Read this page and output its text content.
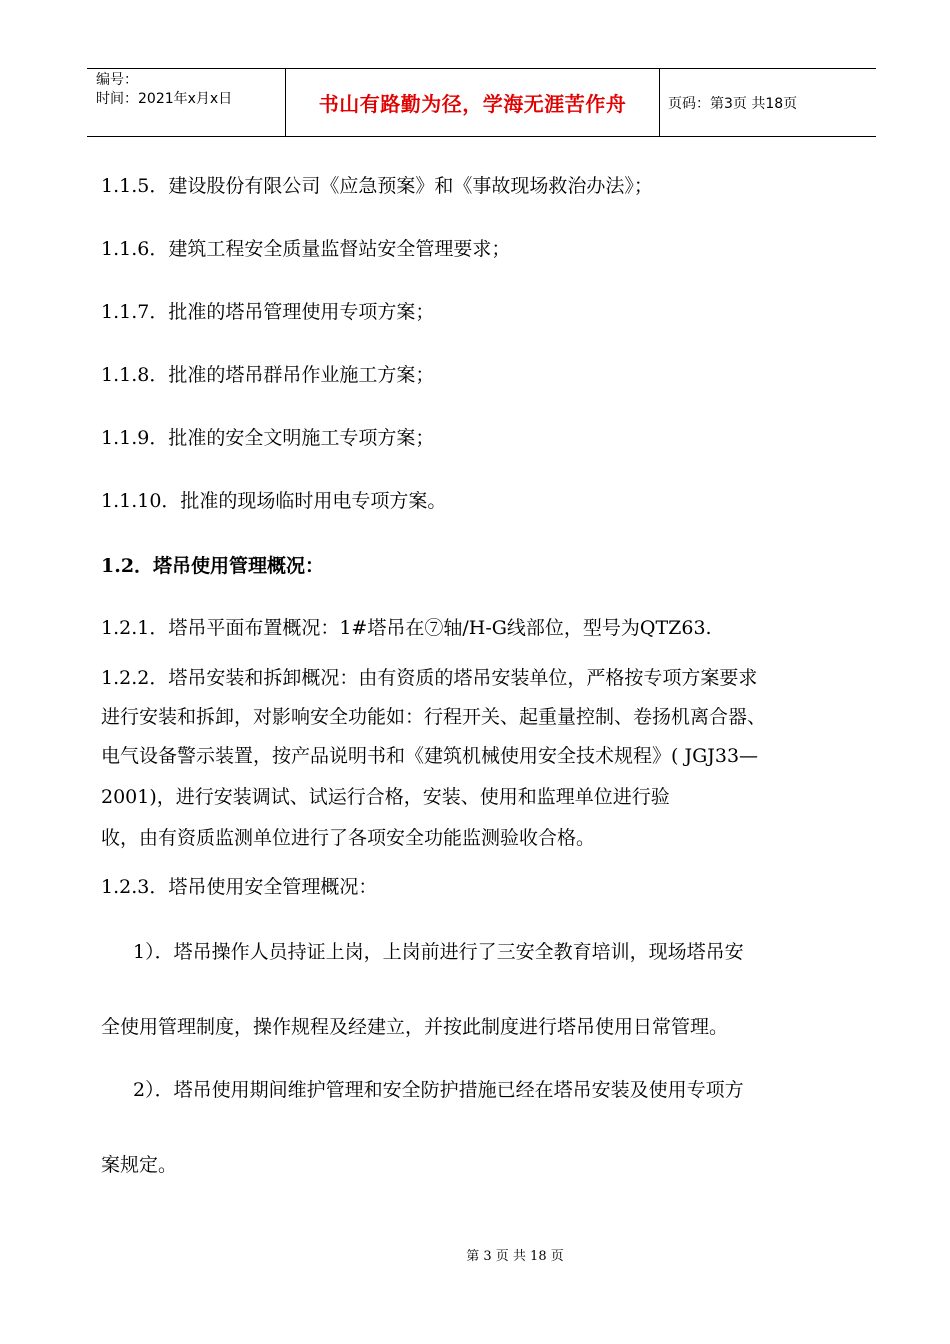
编号：
时间：2021年x月x日	书山有路勤为径，学海无涯苦作舟	页码：第3页 共18页
1.1.5．建设股份有限公司《应急预案》和《事故现场救治办法》；
1.1.6．建筑工程安全质量监督站安全管理要求；
1.1.7．批准的塔吊管理使用专项方案；
1.1.8．批准的塔吊群吊作业施工方案；
1.1.9．批准的安全文明施工专项方案；
1.1.10．批准的现场临时用电专项方案。
1.2．塔吊使用管理概况：
1.2.1．塔吊平面布置概况：1#塔吊在⑦轴/H-G线部位，型号为QTZ63.
1.2.2．塔吊安装和拆卸概况：由有资质的塔吊安装单位，严格按专项方案要求
进行安装和拆卸，对影响安全功能如：行程开关、起重量控制、卷扬机离合器、
电气设备警示装置，按产品说明书和《建筑机械使用安全技术规程》( JGJ33—
2001)，进行安装调试、试运行合格，安装、使用和监理单位进行验
收，由有资质监测单位进行了各项安全功能监测验收合格。
1.2.3．塔吊使用安全管理概况：
1）．塔吊操作人员持证上岗，上岗前进行了三安全教育培训，现场塔吊安
全使用管理制度，操作规程及经建立，并按此制度进行塔吊使用日常管理。
2）．塔吊使用期间维护管理和安全防护措施已经在塔吊安装及使用专项方
案规定。
第 3 页 共 18 页
